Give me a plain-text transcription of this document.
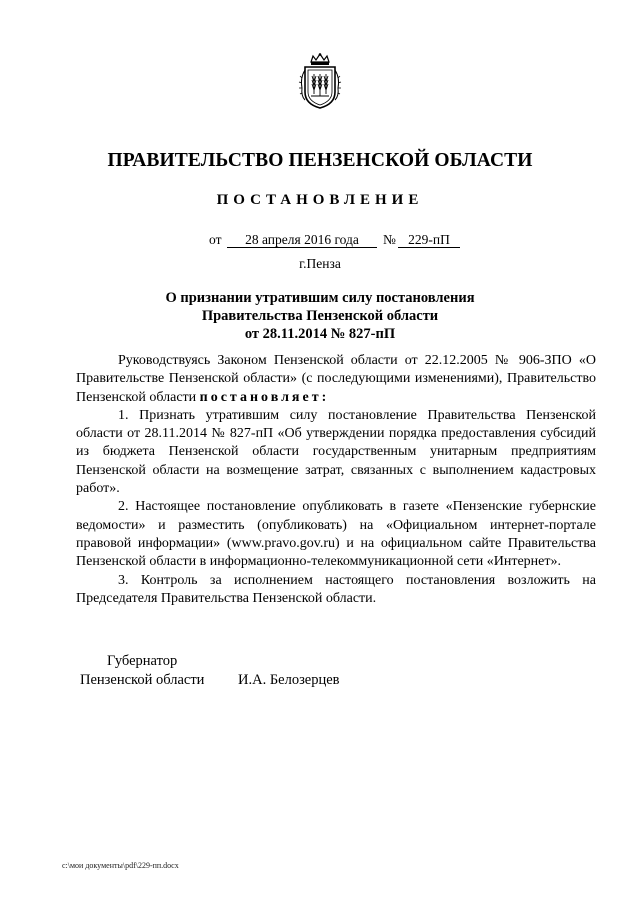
ПРАВИТЕЛЬСТВО ПЕНЗЕНСКОЙ ОБЛАСТИ
ПОСТАНОВЛЕНИЕ
от	28 апреля 2016 года	№ 229-пП
г.Пенза
О признании утратившим силу постановления
Правительства Пензенской области
от 28.11.2014 № 827-пП

Руководствуясь Законом Пензенской области от 22.12.2005 № 906-ЗПО «О Правительстве Пензенской области» (с последующими изменениями), Правительство Пензенской области постановляет:

1. Признать утратившим силу постановление Правительства Пензенской области от 28.11.2014 № 827-пП «Об утверждении порядка предоставления субсидий из бюджета Пензенской области государственным унитарным предприятиям Пензенской области на возмещение затрат, связанных с выполнением кадастровых работ».

2. Настоящее постановление опубликовать в газете «Пензенские губернские ведомости» и разместить (опубликовать) на «Официальном интернет-портале правовой информации» (www.pravo.gov.ru) и на официальном сайте Правительства Пензенской области в информационно-телекоммуникационной сети «Интернет».

3. Контроль за исполнением настоящего постановления возложить на Председателя Правительства Пензенской области.

Губернатор
Пензенской области И.А. Белозерцев
c:\мои документы\pdf\229-пп.docx
